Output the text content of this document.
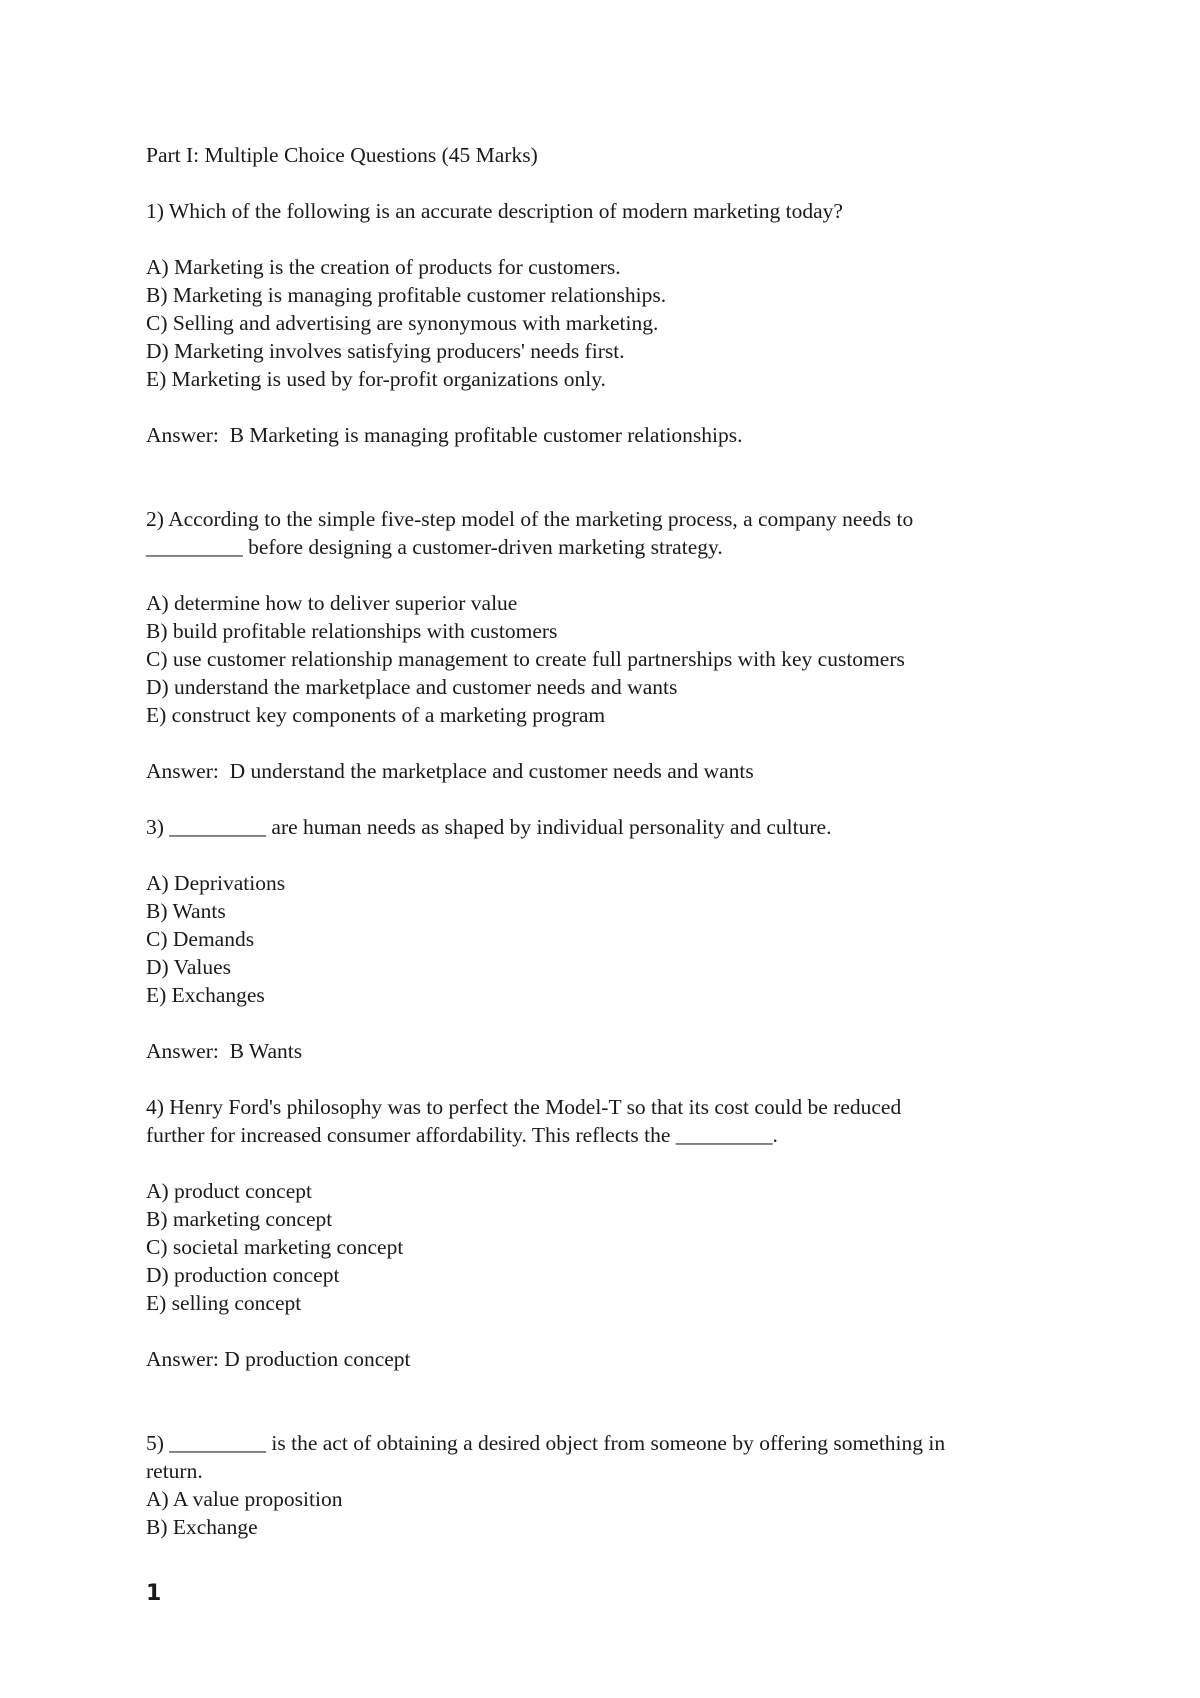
Part I: Multiple Choice Questions (45 Marks)

1) Which of the following is an accurate description of modern marketing today?

A) Marketing is the creation of products for customers.

B) Marketing is managing profitable customer relationships.

C) Selling and advertising are synonymous with marketing.

D) Marketing involves satisfying producers' needs first.

E) Marketing is used by for-profit organizations only.

Answer:  B Marketing is managing profitable customer relationships.

2) According to the simple five-step model of the marketing process, a company needs to

_________ before designing a customer-driven marketing strategy.

A) determine how to deliver superior value

B) build profitable relationships with customers

C) use customer relationship management to create full partnerships with key customers

D) understand the marketplace and customer needs and wants

E) construct key components of a marketing program

Answer:  D understand the marketplace and customer needs and wants

3) _________ are human needs as shaped by individual personality and culture.

A) Deprivations

B) Wants

C) Demands

D) Values

E) Exchanges

Answer:  B Wants

4) Henry Ford's philosophy was to perfect the Model-T so that its cost could be reduced

further for increased consumer affordability. This reflects the _________.

A) product concept

B) marketing concept

C) societal marketing concept

D) production concept

E) selling concept

Answer: D production concept

5) _________ is the act of obtaining a desired object from someone by offering something in

return.

A) A value proposition

B) Exchange

1
